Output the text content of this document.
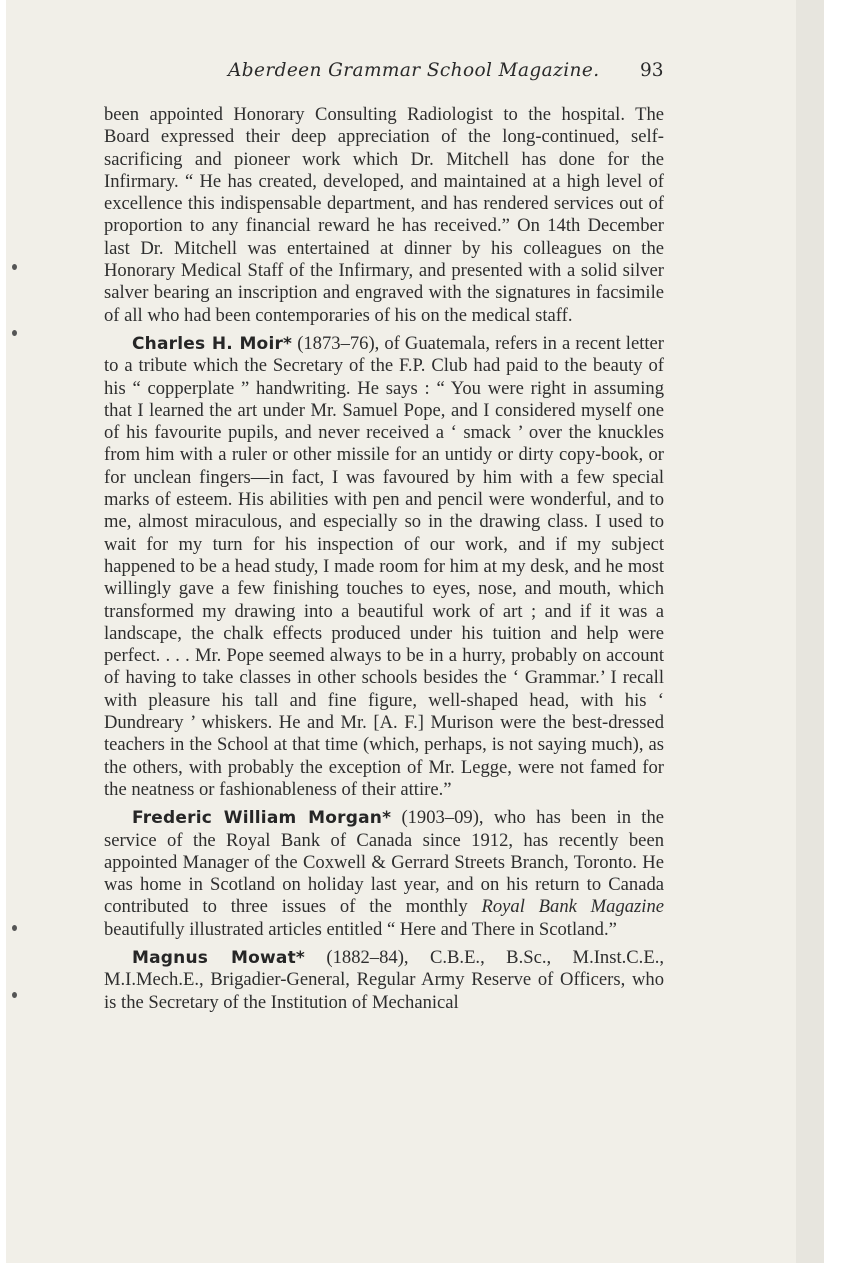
Aberdeen Grammar School Magazine. 93

been appointed Honorary Consulting Radiologist to the hospital. The Board expressed their deep appreciation of the long-continued, self-sacrificing and pioneer work which Dr. Mitchell has done for the Infirmary. “ He has created, developed, and maintained at a high level of excellence this indispensable department, and has rendered services out of proportion to any financial reward he has received.” On 14th December last Dr. Mitchell was entertained at dinner by his colleagues on the Honorary Medical Staff of the Infirmary, and presented with a solid silver salver bearing an inscription and engraved with the signatures in facsimile of all who had been contemporaries of his on the medical staff.

Charles H. Moir* (1873–76), of Guatemala, refers in a recent letter to a tribute which the Secretary of the F.P. Club had paid to the beauty of his “ copperplate ” handwriting. He says : “ You were right in assuming that I learned the art under Mr. Samuel Pope, and I considered myself one of his favourite pupils, and never received a ‘ smack ’ over the knuckles from him with a ruler or other missile for an untidy or dirty copy-book, or for unclean fingers—in fact, I was favoured by him with a few special marks of esteem. His abilities with pen and pencil were wonderful, and to me, almost miraculous, and especially so in the drawing class. I used to wait for my turn for his inspection of our work, and if my subject happened to be a head study, I made room for him at my desk, and he most willingly gave a few finishing touches to eyes, nose, and mouth, which transformed my drawing into a beautiful work of art ; and if it was a landscape, the chalk effects produced under his tuition and help were perfect. . . . Mr. Pope seemed always to be in a hurry, probably on account of having to take classes in other schools besides the ‘ Grammar.’ I recall with pleasure his tall and fine figure, well-shaped head, with his ‘ Dundreary ’ whiskers. He and Mr. [A. F.] Murison were the best-dressed teachers in the School at that time (which, perhaps, is not saying much), as the others, with probably the exception of Mr. Legge, were not famed for the neatness or fashionableness of their attire.”

Frederic William Morgan* (1903–09), who has been in the service of the Royal Bank of Canada since 1912, has recently been appointed Manager of the Coxwell & Gerrard Streets Branch, Toronto. He was home in Scotland on holiday last year, and on his return to Canada contributed to three issues of the monthly Royal Bank Magazine beautifully illustrated articles entitled “ Here and There in Scotland.”

Magnus Mowat* (1882–84), C.B.E., B.Sc., M.Inst.C.E., M.I.Mech.E., Brigadier-General, Regular Army Reserve of Officers, who is the Secretary of the Institution of Mechanical
